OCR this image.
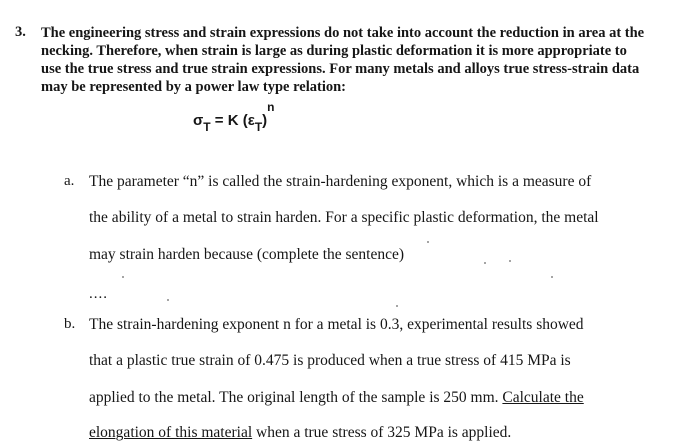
3. The engineering stress and strain expressions do not take into account the reduction in area at the
necking. Therefore, when strain is large as during plastic deformation it is more appropriate to
use the true stress and true strain expressions. For many metals and alloys true stress-strain data
may be represented by a power law type relation:
$\sigma_T = K$ $(\varepsilon_T)$
n
a. The parameter “n” is called the strain-hardening exponent, which is a measure of
the ability of a metal to strain harden. For a specific plastic deformation, the metal
may strain harden because (complete the sentence)
....
b. The strain-hardening exponent n for a metal is 0.3, experimental results showed
that a plastic true strain of 0.475 is produced when a true stress of 415 MPa is
applied to the metal. The original length of the sample is 250 mm. Calculate the
elongation of this material when a true stress of 325 MPa is applied.
